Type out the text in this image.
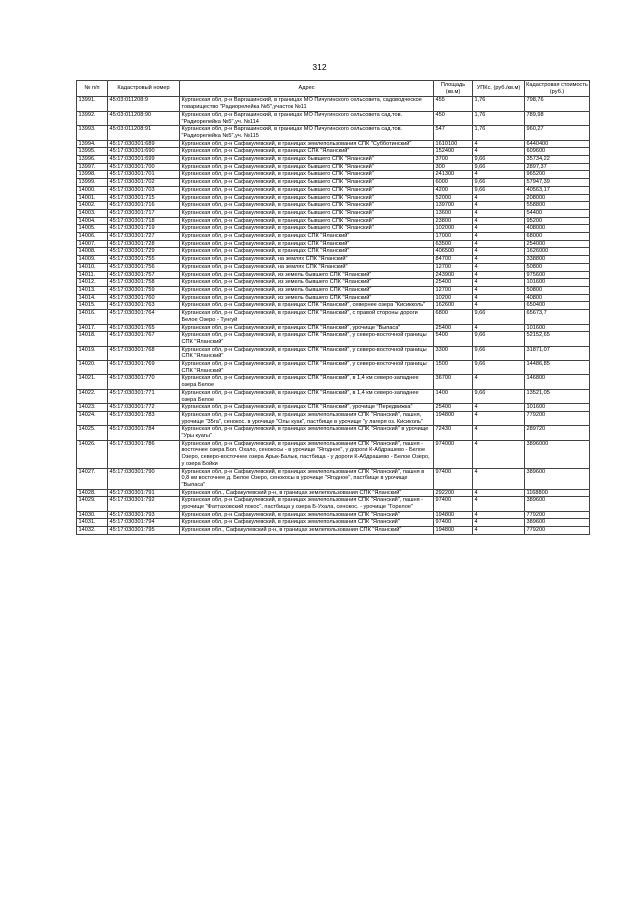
312
№ п/п	Кадастровый номер	Адрес	Площадь (кв.м)	УПКс. (руб./кв.м)	Кадастровая стоимость (руб.)
13991.	45:03:011208:9	Курганская обл, р-н Варгашинский, в границах МО Пичугинского сельсовета, садоводческое товарищество "Радиорелейка №5",участок №11	455	1,76	798,76
13992.	45:03:011208:90	Курганская обл, р-н Варгашинский, в границах МО Пичугинского сельсовета сад.тов. "Радиорелейка №5",уч. №114	450	1,76	789,98
13993.	45:03:011208:91	Курганская обл, р-н Варгашинский, в границах МО Пичугинского сельсовета сад.тов. "Радиорелейка №5",уч. №115	547	1,76	960,27
13994.	45:17:030301:689	Курганская обл, р-н Сафакулевский, в границах землепользования СПК "Субботинский"	1610100	4	6440400
13995.	45:17:030301:690	Курганская обл, р-н Сафакулевский, в границах СПК "Яланский"	152400	4	609600
13996.	45:17:030301:699	Курганская обл, р-н Сафакулевский, в границах бывшего СПК "Яланский"	3700	9,66	35734,22
13997.	45:17:030301:700	Курганская обл, р-н Сафакулевский, в границах бывшего СПК "Яланский"	300	9,66	2897,37
13998.	45:17:030301:701	Курганская обл, р-н Сафакулевский, в границах бывшего СПК "Яланский"	241300	4	965200
13999.	45:17:030301:702	Курганская обл, р-н Сафакулевский, в границах бывшего СПК "Яланский"	6000	9,66	57947,39
14000.	45:17:030301:703	Курганская обл, р-н Сафакулевский, в границах бывшего СПК "Яланский"	4200	9,66	40563,17
14001.	45:17:030301:715	Курганская обл, р-н Сафакулевский, в границах бывшего СПК "Яланский"	52000	4	208000
14002.	45:17:030301:716	Курганская обл, р-н Сафакулевский, в границах бывшего СПК "Яланский"	139700	4	558800
14003.	45:17:030301:717	Курганская обл, р-н Сафакулевский, в границах бывшего СПК "Яланский"	13600	4	54400
14004.	45:17:030301:718	Курганская обл, р-н Сафакулевский, в границах бывшего СПК "Яланский"	23800	4	95200
14005.	45:17:030301:719	Курганская обл, р-н Сафакулевский, в границах бывшего СПК "Яланский"	102000	4	408000
14006.	45:17:030301:727	Курганская обл, р-н Сафакулевский, в границах СПК "Яланский"	17000	4	68000
14007.	45:17:030301:728	Курганская обл, р-н Сафакулевский, в границах СПК "Яланский"	63500	4	254000
14008.	45:17:030301:729	Курганская обл, р-н Сафакулевский, в границах СПК "Яланский"	406500	4	1626000
14009.	45:17:030301:755	Курганская обл, р-н Сафакулевский, на землях СПК "Яланский"	84700	4	338800
14010.	45:17:030301:756	Курганская обл, р-н Сафакулевский, на землях СПК "Яланский"	12700	4	50800
14011.	45:17:030301:757	Курганская обл, р-н Сафакулевский, из земель бывшего СПК "Яланский"	243900	4	975600
14012.	45:17:030301:758	Курганская обл, р-н Сафакулевский, из земель бывшего СПК "Яланский"	25400	4	101600
14013.	45:17:030301:759	Курганская обл, р-н Сафакулевский, из земель бывшего СПК "Яланский"	12700	4	50800
14014.	45:17:030301:760	Курганская обл, р-н Сафакулевский, из земель бывшего СПК "Яланский"	10200	4	40800
14015.	45:17:030301:763	Курганская обл, р-н Сафакулевский, в границах СПК "Яланский", севернее озера "Кисикколь"	162600	4	650400
14016.	45:17:030301:764	Курганская обл, р-н Сафакулевский, в границах СПК "Яланский", с правой стороны дороги Белое Озеро - Тунгуй	6800	9,66	65673,7
14017.	45:17:030301:765	Курганская обл, р-н Сафакулевский, в границах СПК "Яланский", урочище "Выпаса"	25400	4	101600
14018.	45:17:030301:767	Курганская обл, р-н Сафакулевский, в границах СПК "Яланский", у северо-восточной границы СПК "Яланский"	5400	9,66	52152,65
14019.	45:17:030301:768	Курганская обл, р-н Сафакулевский, в границах СПК "Яланский", у северо-восточной границы СПК "Яланский"	3300	9,66	31871,07
14020.	45:17:030301:769	Курганская обл, р-н Сафакулевский, в границах СПК "Яланский", у северо-восточной границы СПК "Яланский"	1500	9,66	14486,85
14021.	45:17:030301:770	Курганская обл, р-н Сафакулевский, в границах СПК "Яланский", в 1,4 км северо-западнее озера Белое	36700	4	146800
14022.	45:17:030301:771	Курганская обл, р-н Сафакулевский, в границах СПК "Яланский", в 1,4 км северо-западнее озера Белое	1400	9,66	13521,05
14023.	45:17:030301:772	Курганская обл, р-н Сафакулевский, в границах СПК "Яланский", урочище "Передвижка"	25400	4	101600
14024.	45:17:030301:783	Курганская обл, р-н Сафакулевский, в границах землепользования СПК "Яланский", пашня, урочище "35га", сенокос. в урочище "Олы куак", пастбище в урочище "у лагеря оз. Кисиколь"	194800	4	779200
14025.	45:17:030301:784	Курганская обл, р-н Сафакулевский, в границах землепользования СПК "Яланский" в урочище "Уры куагы"	72430	4	289720
14026.	45:17:030301:786	Курганская обл, р-н Сафакулевский, в границах землепользования СПК "Яланский", пашня - восточнее озера Бол. Охало, сенокосы - в урочище "Ягодное", у дороги К-Абдрашево - Белое Озеро, северо-восточнее озера Арык-Балык, пастбища - у дороги К-Абдрашево - Белое Озеро, у озера Бойки	974000	4	3896000
14027.	45:17:030301:790	Курганская обл, р-н Сафакулевский, в границах землепользования СПК "Яланский", пашня в 0,8 км восточнее д. Белое Озеро, сенокосы в урочище "Ягодное", пастбище в урочище "Выпаса"	97400	4	389600
14028.	45:17:030301:791	Курганская обл., Сафакулевский р-н, в границах землепользования СПК "Яланский"	292200	4	1168800
14029.	45:17:030301:792	Курганская обл, р-н Сафакулевский, в границах землепользования СПК "Яланский", пашня - урочище "Фаттаховский покос", пастбища у озера Б-Ухала, сенокос. - урочище "Горелое"	97400	4	389600
14030.	45:17:030301:793	Курганская обл, р-н Сафакулевский, в границах землепользования СПК "Яланский"	194800	4	779200
14031.	45:17:030301:794	Курганская обл, р-н Сафакулевский, в границах землепользования СПК "Яланский"	97400	4	389600
14032.	45:17:030301:795	Курганская обл., Сафакулевский р-н, в границах землепользования СПК "Яланский"	194800	4	779200
